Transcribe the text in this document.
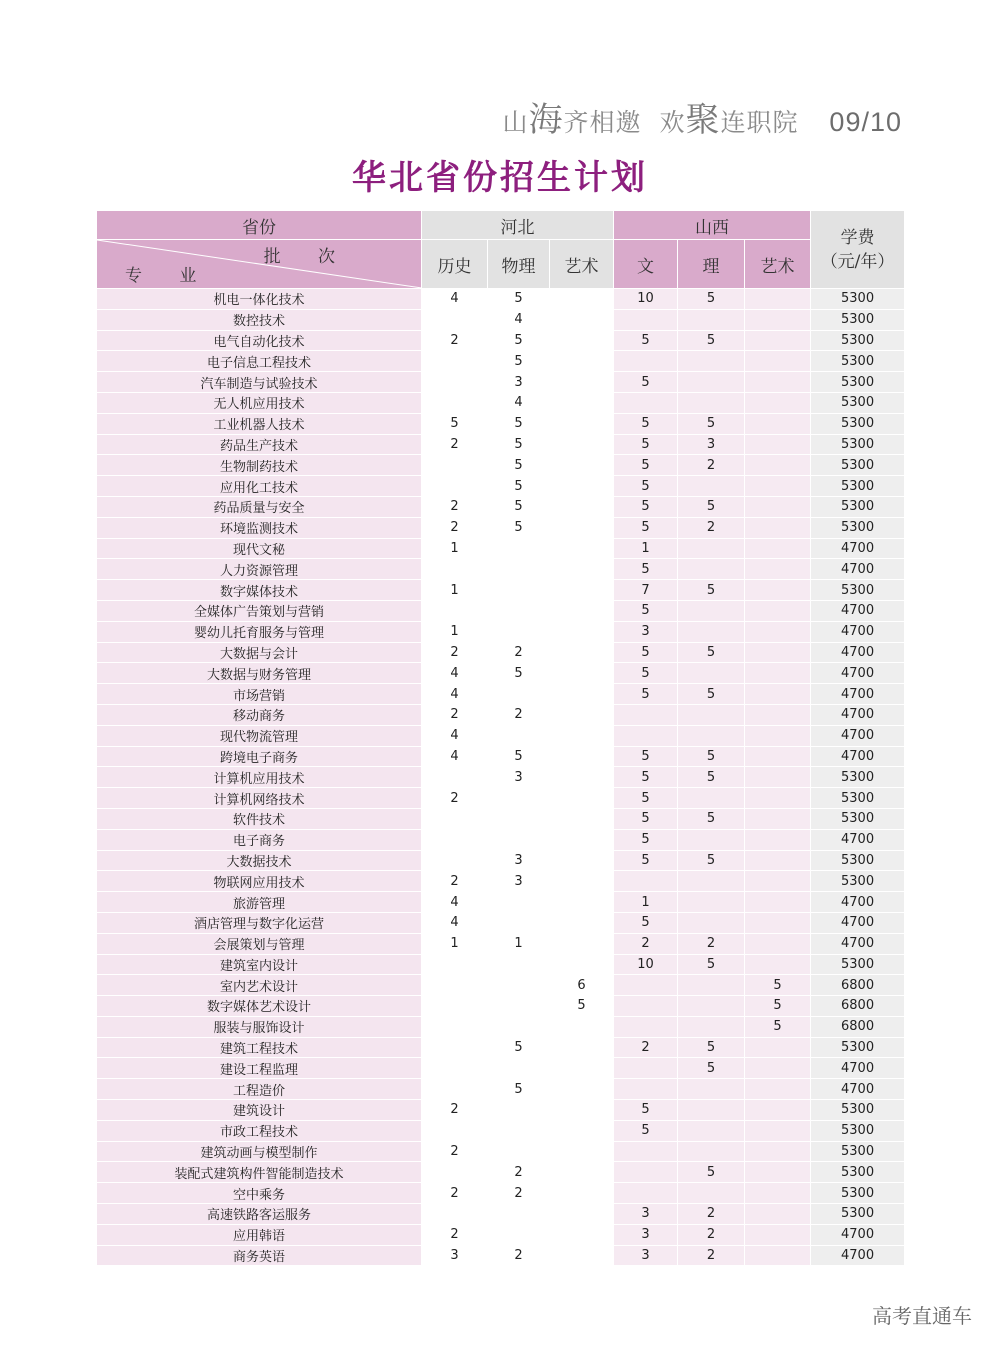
山海齐相邀 欢聚连职院 09/10
华北省份招生计划
省份	河北			山西			学费
（元/年）

批 次
专 业	历史	物理	艺术	文	理	艺术	
机电一体化技术	4	5		10	5		5300
数控技术		4					5300
电气自动化技术	2	5		5	5		5300
电子信息工程技术		5					5300
汽车制造与试验技术		3		5			5300
无人机应用技术		4					5300
工业机器人技术	5	5		5	5		5300
药品生产技术	2	5		5	3		5300
生物制药技术		5		5	2		5300
应用化工技术		5		5			5300
药品质量与安全	2	5		5	5		5300
环境监测技术	2	5		5	2		5300
现代文秘	1			1			4700
人力资源管理				5			4700
数字媒体技术	1			7	5		5300
全媒体广告策划与营销				5			4700
婴幼儿托育服务与管理	1			3			4700
大数据与会计	2	2		5	5		4700
大数据与财务管理	4	5		5			4700
市场营销	4			5	5		4700
移动商务	2	2					4700
现代物流管理	4						4700
跨境电子商务	4	5		5	5		4700
计算机应用技术		3		5	5		5300
计算机网络技术	2			5			5300
软件技术				5	5		5300
电子商务				5			4700
大数据技术		3		5	5		5300
物联网应用技术	2	3					5300
旅游管理	4			1			4700
酒店管理与数字化运营	4			5			4700
会展策划与管理	1	1		2	2		4700
建筑室内设计				10	5		5300
室内艺术设计			6			5	6800
数字媒体艺术设计			5			5	6800
服装与服饰设计						5	6800
建筑工程技术		5		2	5		5300
建设工程监理					5		4700
工程造价		5					4700
建筑设计	2			5			5300
市政工程技术				5			5300
建筑动画与模型制作	2						5300
装配式建筑构件智能制造技术		2			5		5300
空中乘务	2	2					5300
高速铁路客运服务				3	2		5300
应用韩语	2			3	2		4700
商务英语	3	2		3	2		4700
高考直通车
